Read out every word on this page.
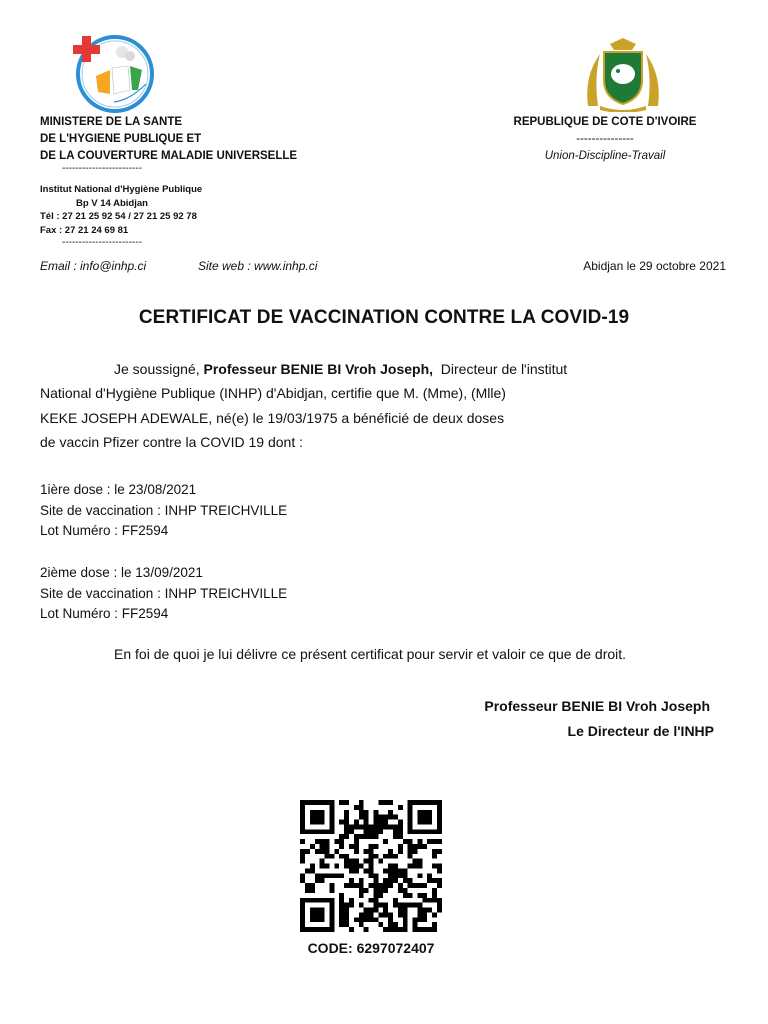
MINISTERE DE LA SANTE
DE L'HYGIENE PUBLIQUE ET
DE LA COUVERTURE MALADIE UNIVERSELLE
------------------------
Institut National d'Hygiène Publique
Bp V 14 Abidjan
Tél : 27 21 25 92 54 / 27 21 25 92 78
Fax : 27 21 24 69 81
------------------------
REPUBLIQUE DE COTE D'IVOIRE
---------------
Union-Discipline-Travail
Email : info@inhp.ci	Site web : www.inhp.ci	Abidjan le 29 octobre 2021
CERTIFICAT DE VACCINATION CONTRE LA COVID-19
Je soussigné, Professeur BENIE BI Vroh Joseph,  Directeur de l'institut
National d'Hygiène Publique (INHP) d'Abidjan, certifie que M. (Mme), (Mlle)
KEKE JOSEPH ADEWALE, né(e) le 19/03/1975 a bénéficié de deux doses
de vaccin Pfizer contre la COVID 19 dont :
1ière dose : le 23/08/2021
Site de vaccination : INHP TREICHVILLE
Lot Numéro : FF2594
2ième dose : le 13/09/2021
Site de vaccination : INHP TREICHVILLE
Lot Numéro : FF2594
En foi de quoi je lui délivre ce présent certificat pour servir et valoir ce que de droit.
Professeur BENIE BI Vroh Joseph
Le Directeur de l'INHP
CODE: 6297072407
